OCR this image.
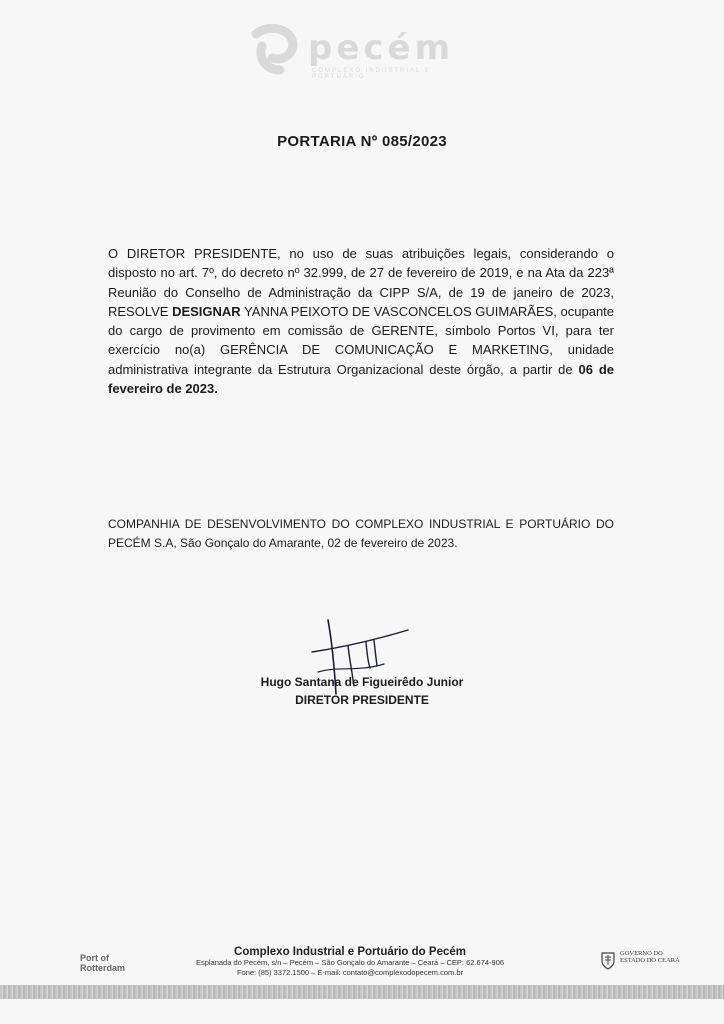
pecém
COMPLEXO INDUSTRIAL E PORTUÁRIO
PORTARIA Nº 085/2023
O DIRETOR PRESIDENTE, no uso de suas atribuições legais, considerando o disposto no art. 7º, do decreto nº 32.999, de 27 de fevereiro de 2019, e na Ata da 223ª Reunião do Conselho de Administração da CIPP S/A, de 19 de janeiro de 2023, RESOLVE DESIGNAR YANNA PEIXOTO DE VASCONCELOS GUIMARÃES, ocupante do cargo de provimento em comissão de GERENTE, símbolo Portos VI, para ter exercício no(a) GERÊNCIA DE COMUNICAÇÃO E MARKETING, unidade administrativa integrante da Estrutura Organizacional deste órgão, a partir de 06 de fevereiro de 2023.
COMPANHIA DE DESENVOLVIMENTO DO COMPLEXO INDUSTRIAL E PORTUÁRIO DO PECÉM S.A, São Gonçalo do Amarante, 02 de fevereiro de 2023.
Hugo Santana de Figueirêdo Junior
DIRETOR PRESIDENTE
Port of
Rotterdam
Complexo Industrial e Portuário do Pecém
Esplanada do Pecém, s/n – Pecém – São Gonçalo do Amarante – Ceará – CEP: 62.674-906
Fone: (85) 3372.1500 – E-mail: contato@complexodopecem.com.br
GOVERNO DO
ESTADO DO CEARÁ
